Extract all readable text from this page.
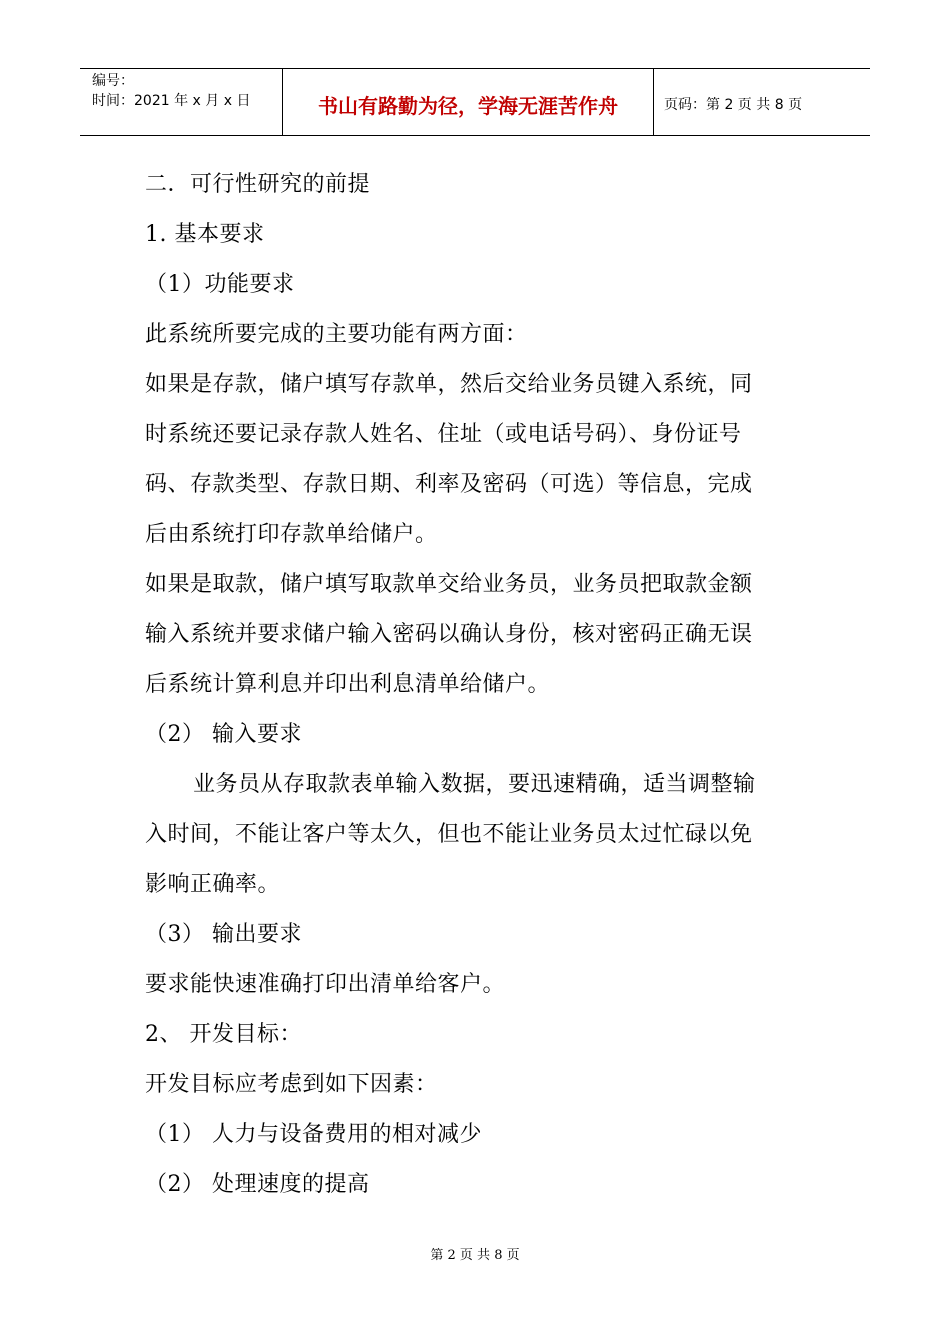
编号：
时间：2021 年 x 月 x 日	书山有路勤为径，学海无涯苦作舟	页码：第 2 页 共 8 页
二．可行性研究的前提
1. 基本要求
（1）功能要求
此系统所要完成的主要功能有两方面：
如果是存款，储户填写存款单，然后交给业务员键入系统，同
时系统还要记录存款人姓名、住址（或电话号码）、身份证号
码、存款类型、存款日期、利率及密码（可选）等信息，完成
后由系统打印存款单给储户。
如果是取款，储户填写取款单交给业务员，业务员把取款金额
输入系统并要求储户输入密码以确认身份，核对密码正确无误
后系统计算利息并印出利息清单给储户。
（2） 输入要求
业务员从存取款表单输入数据，要迅速精确，适当调整输
入时间，不能让客户等太久，但也不能让业务员太过忙碌以免
影响正确率。
（3） 输出要求
要求能快速准确打印出清单给客户。
2、 开发目标：
开发目标应考虑到如下因素：
（1） 人力与设备费用的相对减少
（2） 处理速度的提高
第 2 页 共 8 页
